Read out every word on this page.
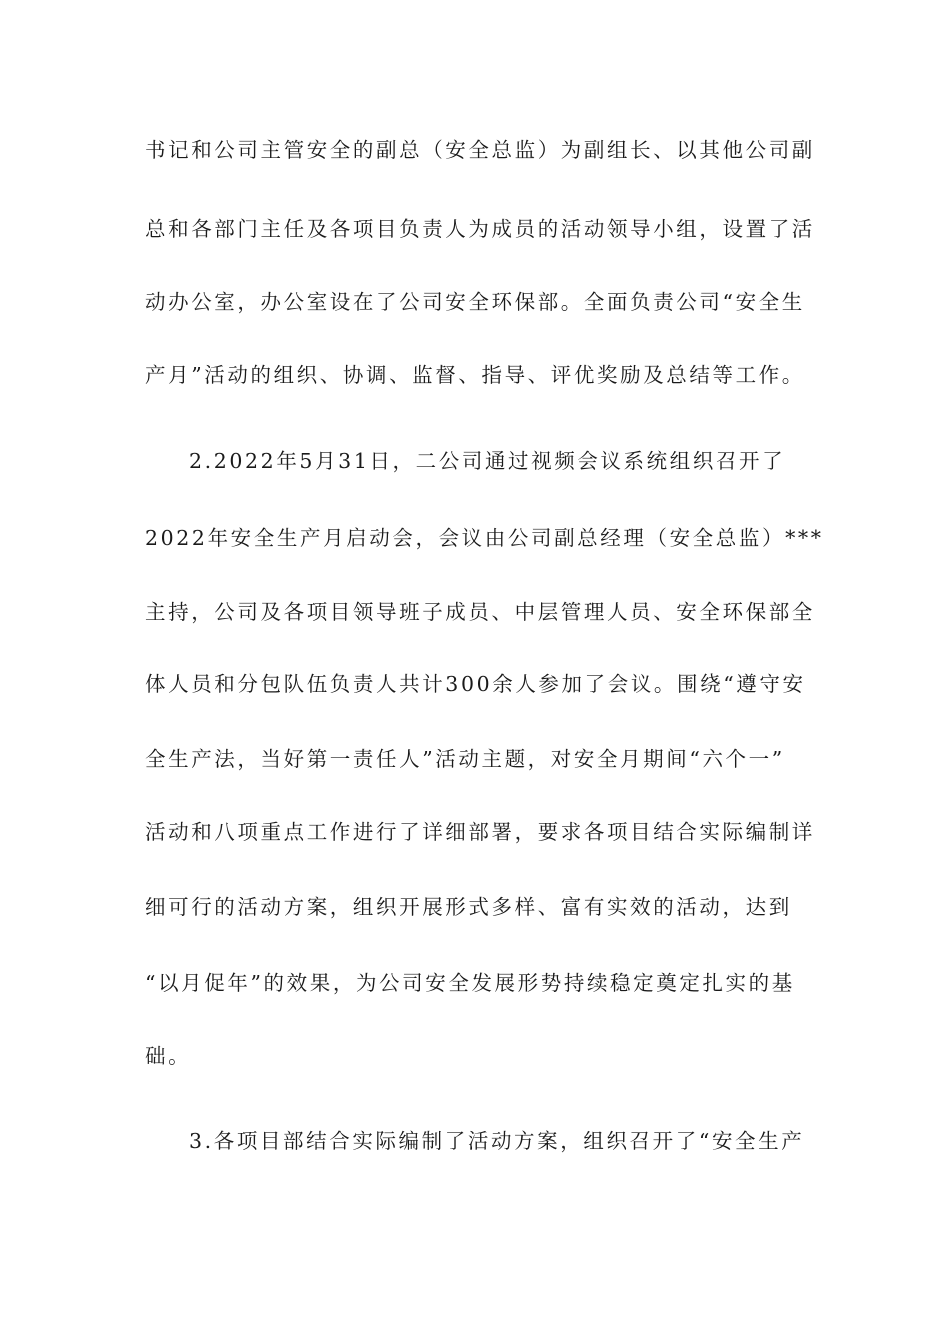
书记和公司主管安全的副总（安全总监）为副组长、以其他公司副
总和各部门主任及各项目负责人为成员的活动领导小组，设置了活
动办公室，办公室设在了公司安全环保部。全面负责公司“安全生
产月”活动的组织、协调、监督、指导、评优奖励及总结等工作。
2.2022年5月31日，二公司通过视频会议系统组织召开了
2022年安全生产月启动会，会议由公司副总经理（安全总监）***
主持，公司及各项目领导班子成员、中层管理人员、安全环保部全
体人员和分包队伍负责人共计300余人参加了会议。围绕“遵守安
全生产法，当好第一责任人”活动主题，对安全月期间“六个一”
活动和八项重点工作进行了详细部署，要求各项目结合实际编制详
细可行的活动方案，组织开展形式多样、富有实效的活动，达到
“以月促年”的效果，为公司安全发展形势持续稳定奠定扎实的基
础。
3.各项目部结合实际编制了活动方案，组织召开了“安全生产
